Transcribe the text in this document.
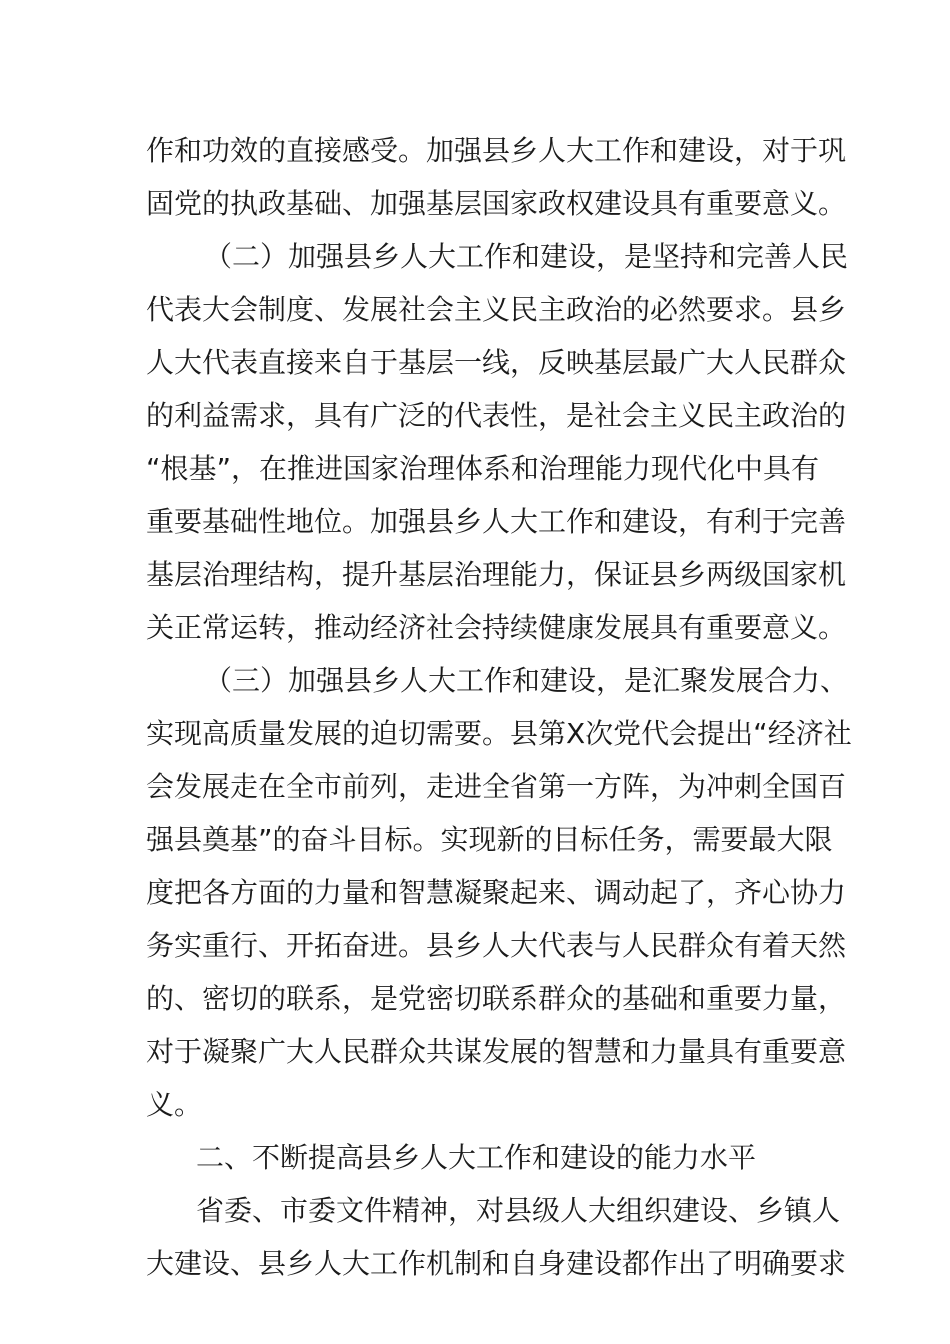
作和功效的直接感受。加强县乡人大工作和建设，对于巩
固党的执政基础、加强基层国家政权建设具有重要意义。
（二）加强县乡人大工作和建设，是坚持和完善人民
代表大会制度、发展社会主义民主政治的必然要求。县乡
人大代表直接来自于基层一线，反映基层最广大人民群众
的利益需求，具有广泛的代表性，是社会主义民主政治的
“根基”，在推进国家治理体系和治理能力现代化中具有
重要基础性地位。加强县乡人大工作和建设，有利于完善
基层治理结构，提升基层治理能力，保证县乡两级国家机
关正常运转，推动经济社会持续健康发展具有重要意义。
（三）加强县乡人大工作和建设，是汇聚发展合力、
实现高质量发展的迫切需要。县第X次党代会提出“经济社
会发展走在全市前列，走进全省第一方阵，为冲刺全国百
强县奠基”的奋斗目标。实现新的目标任务，需要最大限
度把各方面的力量和智慧凝聚起来、调动起了，齐心协力
务实重行、开拓奋进。县乡人大代表与人民群众有着天然
的、密切的联系，是党密切联系群众的基础和重要力量，
对于凝聚广大人民群众共谋发展的智慧和力量具有重要意
义。
二、不断提高县乡人大工作和建设的能力水平
省委、市委文件精神，对县级人大组织建设、乡镇人
大建设、县乡人大工作机制和自身建设都作出了明确要求
